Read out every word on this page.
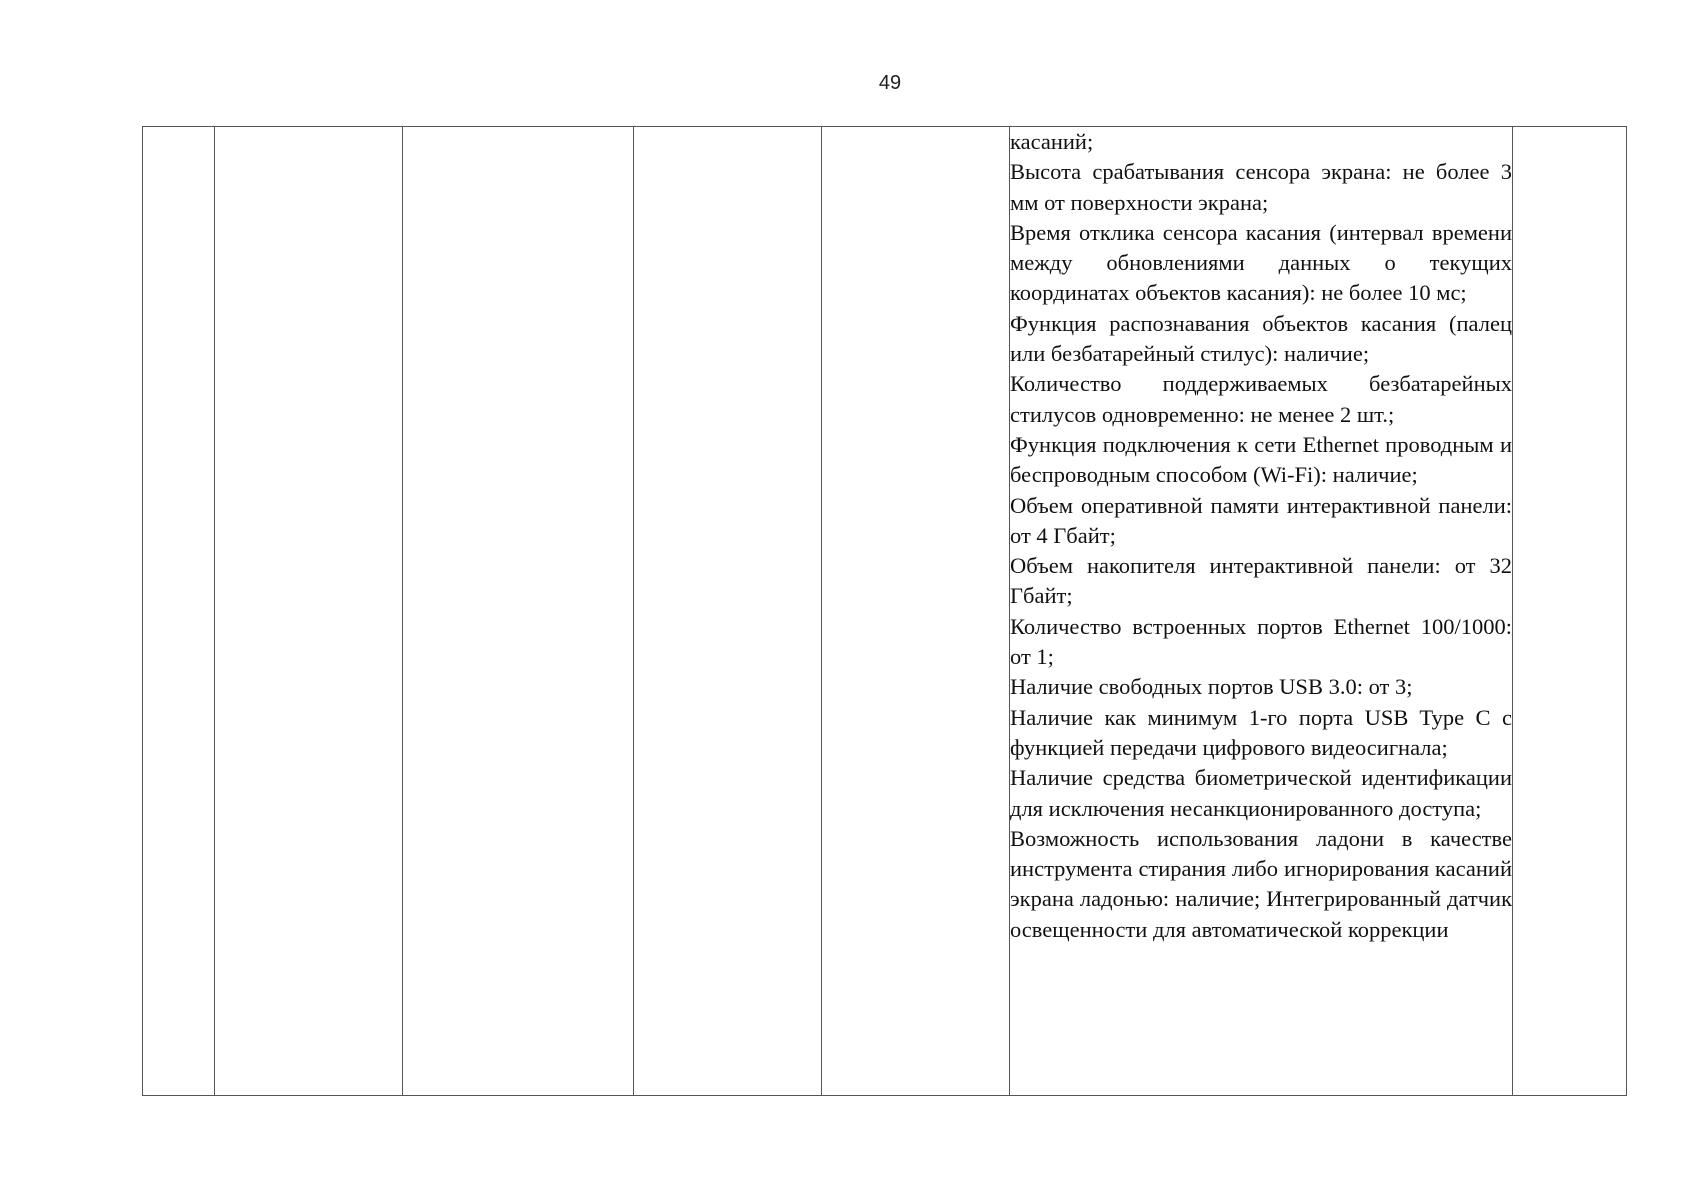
49

касаний;
Высота срабатывания сенсора экрана: не более 3 мм от поверхности экрана;
Время отклика сенсора касания (интервал времени между обновлениями данных о текущих координатах объектов касания): не более 10 мс;
Функция распознавания объектов касания (палец или безбатарейный стилус): наличие;
Количество поддерживаемых безбатарейных стилусов одновременно: не менее 2 шт.;
Функция подключения к сети Ethernet проводным и беспроводным способом (Wi-Fi): наличие;
Объем оперативной памяти интерактивной панели: от 4 Гбайт;
Объем накопителя интерактивной панели: от 32 Гбайт;
Количество встроенных портов Ethernet 100/1000: от 1;
Наличие свободных портов USB 3.0: от 3;
Наличие как минимум 1-го порта USB Type C с функцией передачи цифрового видеосигнала;
Наличие средства биометрической идентификации для исключения несанкционированного доступа;
Возможность использования ладони в качестве инструмента стирания либо игнорирования касаний экрана ладонью: наличие; Интегрированный датчик освещенности для автоматической коррекции
